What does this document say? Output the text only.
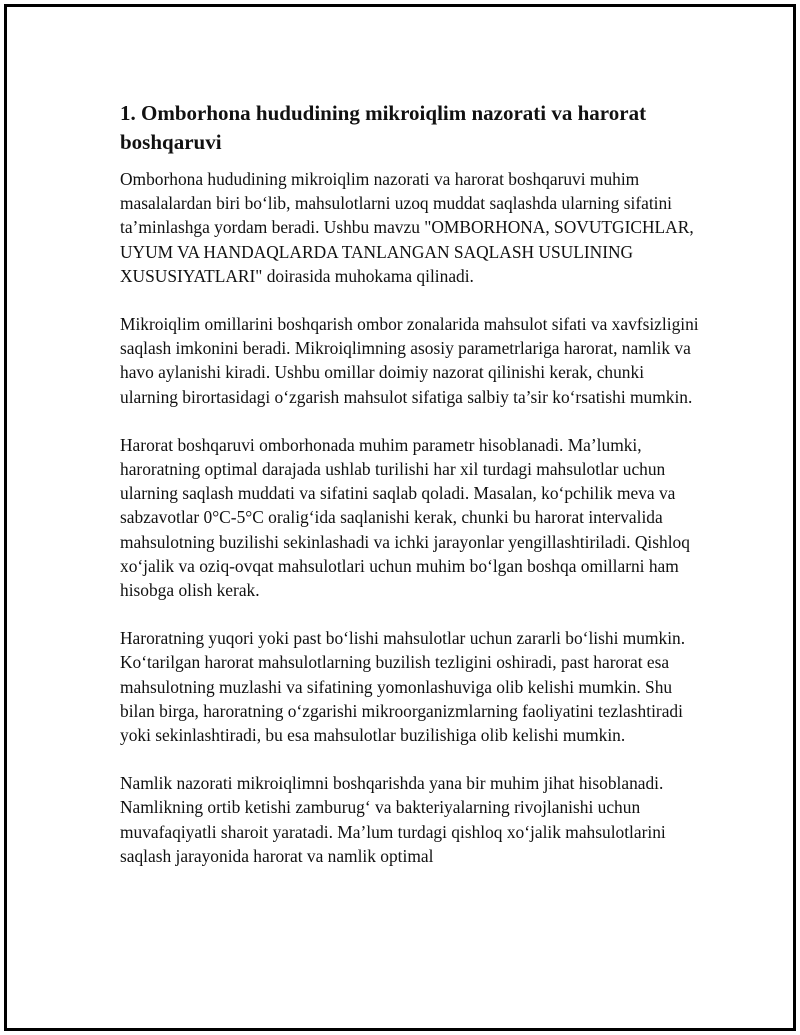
1. Omborhona hududining mikroiqlim nazorati va harorat boshqaruvi

Omborhona hududining mikroiqlim nazorati va harorat boshqaruvi muhim masalalardan biri bo‘lib, mahsulotlarni uzoq muddat saqlashda ularning sifatini ta’minlashga yordam beradi. Ushbu mavzu "OMBORHONA, SOVUTGICHLAR, UYUM VA HANDAQLARDA TANLANGAN SAQLASH USULINING XUSUSIYATLARI" doirasida muhokama qilinadi.

Mikroiqlim omillarini boshqarish ombor zonalarida mahsulot sifati va xavfsizligini saqlash imkonini beradi. Mikroiqlimning asosiy parametrlariga harorat, namlik va havo aylanishi kiradi. Ushbu omillar doimiy nazorat qilinishi kerak, chunki ularning birortasidagi o‘zgarish mahsulot sifatiga salbiy ta’sir ko‘rsatishi mumkin.

Harorat boshqaruvi omborhonada muhim parametr hisoblanadi. Ma’lumki, haroratning optimal darajada ushlab turilishi har xil turdagi mahsulotlar uchun ularning saqlash muddati va sifatini saqlab qoladi. Masalan, ko‘pchilik meva va sabzavotlar 0°C-5°C oralig‘ida saqlanishi kerak, chunki bu harorat intervalida mahsulotning buzilishi sekinlashadi va ichki jarayonlar yengillashtiriladi. Qishloq xo‘jalik va oziq-ovqat mahsulotlari uchun muhim bo‘lgan boshqa omillarni ham hisobga olish kerak.

Haroratning yuqori yoki past bo‘lishi mahsulotlar uchun zararli bo‘lishi mumkin. Ko‘tarilgan harorat mahsulotlarning buzilish tezligini oshiradi, past harorat esa mahsulotning muzlashi va sifatining yomonlashuviga olib kelishi mumkin. Shu bilan birga, haroratning o‘zgarishi mikroorganizmlarning faoliyatini tezlashtiradi yoki sekinlashtiradi, bu esa mahsulotlar buzilishiga olib kelishi mumkin.

Namlik nazorati mikroiqlimni boshqarishda yana bir muhim jihat hisoblanadi. Namlikning ortib ketishi zamburug‘ va bakteriyalarning rivojlanishi uchun muvafaqiyatli sharoit yaratadi. Ma’lum turdagi qishloq xo‘jalik mahsulotlarini saqlash jarayonida harorat va namlik optimal
